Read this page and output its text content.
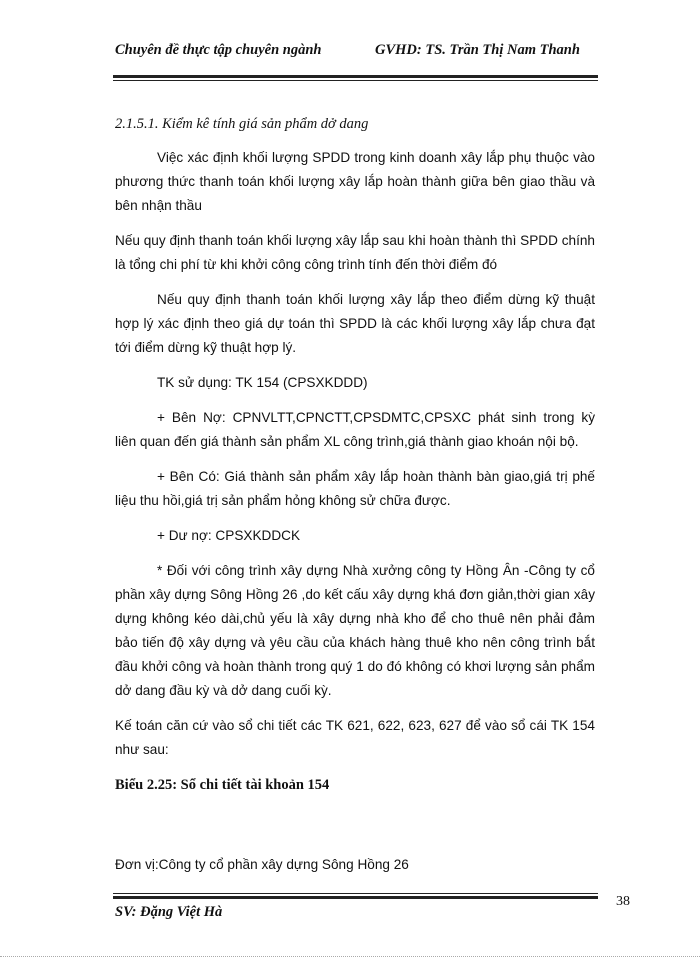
Chuyên đề thực tập chuyên ngành	GVHD: TS. Trần Thị Nam Thanh

2.1.5.1. Kiểm kê tính giá sản phẩm dở dang

Việc xác định khối lượng SPDD trong kinh doanh xây lắp phụ thuộc vào phương thức thanh toán khối lượng xây lắp hoàn thành giữa bên giao thầu và bên nhận thầu

Nếu quy định thanh toán khối lượng xây lắp sau khi hoàn thành thì SPDD chính là tổng chi phí từ khi khởi công công trình tính đến thời điểm đó

Nếu quy định thanh toán khối lượng xây lắp theo điểm dừng kỹ thuật hợp lý xác định theo giá dự toán thì SPDD là các khối lượng xây lắp chưa đạt tới điểm dừng kỹ thuật hợp lý.

TK sử dụng: TK 154 (CPSXKDDD)

+ Bên Nợ: CPNVLTT,CPNCTT,CPSDMTC,CPSXC phát sinh trong kỳ liên quan đến giá thành sản phẩm XL công trình,giá thành giao khoán nội bộ.

+ Bên Có: Giá thành sản phẩm xây lắp hoàn thành bàn giao,giá trị phế liệu thu hồi,giá trị sản phẩm hỏng không sử chữa được.

+ Dư nợ: CPSXKDDCK

* Đối với công trình xây dựng Nhà xưởng công ty Hồng Ân -Công ty cổ phần xây dựng Sông Hồng 26 ,do kết cấu xây dựng khá đơn giản,thời gian xây dựng không kéo dài,chủ yếu là xây dựng nhà kho để cho thuê nên phải đảm bảo tiến độ xây dựng và yêu cầu của khách hàng thuê kho nên công trình bắt đầu khởi công và hoàn thành trong quý 1 do đó không có khơi lượng sản phẩm dở dang đầu kỳ và dở dang cuối kỳ.

Kế toán căn cứ vào sổ chi tiết các TK 621, 622, 623, 627 để vào sổ cái TK 154 như sau:

Biểu 2.25: Sổ chi tiết tài khoản 154

Đơn vị:Công ty cổ phần xây dựng Sông Hồng 26

SV: Đặng Việt Hà
38
